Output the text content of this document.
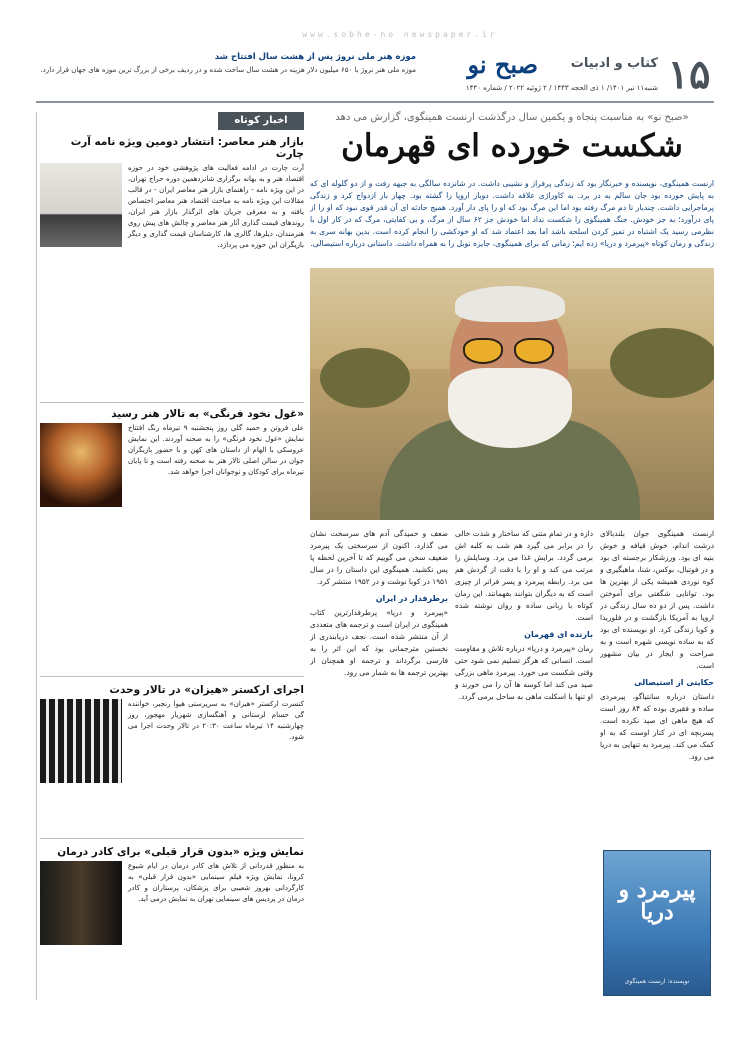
www.sobhe-no newspaper.ir
۱۵
کتاب و ادبیات
صبح نو
شنبه۱۱ تیر ۱۴۰۱/ ۱ ذی الحجه ۱۴۴۳ / ۲ ژوئیه ۲۰۲۲ / شماره ۱۴۴۰
موزه هنر ملی نروژ پس از هشت سال افتتاح شد
موزه ملی هنر نروژ با ۶۵۰ میلیون دلار هزینه در هشت سال ساخت شده و در ردیف برخی از بزرگ ترین موزه های جهان قرار دارد.
«صبح نو» به مناسبت پنجاه و یکمین سال درگذشت ارنست همینگوی، گزارش می دهد
شکست خورده ای قهرمان
ارنست همینگوی، نویسنده و خبرنگار بود که زندگی پرفراز و نشیبی داشت. در شانزده سالگی به جبهه رفت و از دو گلوله ای که به پایش خورده بود جان سالم به در برد. به کاوراژی علاقه داشت. دوبار اروپا را گشته بود. چهار بار ازدواج کرد و زندگی پرماجرایی داشت. چندبار تا دم مرگ رفته بود اما این مرگ بود که او را پای دار آورد. همیج حادثه ای آن قدر قوی نبود که او را از پای درآورد؛ به جز خودش. جنگ همینگوی را شکست نداد اما خودش جز ۶۲ سال از مرگ، و بی کفایتی، مرگ که در کار اول با نظرمی رسید یک اشتباه در تمیز کردن اسلحه باشد اما بعد اعتماد شد که او خودکشی را انجام کرده است. بدین بهانه سری به زندگی و رمان کوتاه «پیرمرد و دریا» زده ایم؛ رمانی که برای همینگوی، جایزه نوبل را به همراه داشت. داستانی درباره استیصالی.
ارنست همینگوی جوان بلندبالای درشت اندام، خوش قیافه و خوش بنیه ای بود. ورزشکار برجسته ای بود و در فوتبال، بوکس، شنا، ماهیگیری و کوه نوردی همیشه یکی از بهترین ها بود. توانایی شگفتی برای آموختن داشت. پس از دو ده سال زندگی در اروپا به آمریکا بازگشت و در فلوریدا و کوبا زندگی کرد. او نویسنده ای بود که به ساده نویسی شهره است و به صراحت و ایجاز در بیان مشهور است.
حکایتی از استیصالی
داستان درباره سانتیاگو، پیرمردی ساده و فقیری بوده که ۸۴ روز است که هیچ ماهی ای صید نکرده است. پسربچه ای در کنار اوست که به او کمک می کند. پیرمرد به تنهایی به دریا می رود.
دازه و در تمام متنی که ساختار و شدت خالی را در برابر می گیرد هم شب به کلبه اش برمی گردد. برایش غذا می برد. وسایلش را مرتب می کند و او را با دقت از گردش هم می برد. رابطه پیرمرد و پسر فراتر از چیزی است که به دیگران بتوانند بفهمانند. این رمان کوتاه با زبانی ساده و روان نوشته شده است.
بازنده ای قهرمان
رمان «پیرمرد و دریا» درباره تلاش و مقاومت است. انسانی که هرگز تسلیم نمی شود حتی وقتی شکست می خورد. پیرمرد ماهی بزرگی صید می کند اما کوسه ها آن را می خورند و او تنها با اسکلت ماهی به ساحل برمی گردد.
ضعف و خمیدگی آدم های سرسخت نشان می گذارد. اکنون از سرسختی یک پیرمرد ضعیف سخن می گوییم که تا آخرین لحظه پا پس نکشید. همینگوی این داستان را در سال ۱۹۵۱ در کوبا نوشت و در ۱۹۵۲ منتشر کرد.
برطرفدار در ایران
«پیرمرد و دریا» پرطرفدارترین کتاب همینگوی در ایران است و ترجمه های متعددی از آن منتشر شده است. نجف دریابندری از نخستین مترجمانی بود که این اثر را به فارسی برگرداند و ترجمه او همچنان از بهترین ترجمه ها به شمار می رود.
پیرمرد و دریا
نویسنده: ارنست همینگوی
اخبار کوتاه
بازار هنر معاصر: انتشار دومین ویژه نامه آرت چارت
آرت چارت در ادامه فعالیت های پژوهشی خود در حوزه اقتصاد هنر و به بهانه برگزاری شانزدهمین دوره حراج تهران، در این ویژه نامه - راهنمای بازار هنر معاصر ایران - در قالب مقالات این ویژه نامه به مباحث اقتصاد هنر معاصر اختصاص یافته و به معرفی جریان های اثرگذار بازار هنر ایران، روندهای قیمت گذاری آثار هنر معاصر و چالش های پیش روی هنرمندان، دیلرها، گالری ها، کارشناسان قیمت گذاری و دیگر بازیگران این حوزه می پردازد.
«غول نخود فرنگی» به تالار هنر رسید
علی فروتن و حمید گلی روز پنجشنبه ۹ تیرماه رنگ افتتاح نمایش «غول نخود فرنگی» را به صحنه آوردند. این نمایش عروسکی با الهام از داستان های کهن و با حضور بازیگران جوان در سالن اصلی تالار هنر به صحنه رفته است و تا پایان تیرماه برای کودکان و نوجوانان اجرا خواهد شد.
اجرای ارکستر «هیزان» در تالار وحدت
کنسرت ارکستر «هیزان» به سرپرستی هیوا رنجبر، خواننده گی حسام لرستانی و آهنگسازی شهریار مهجور، روز چهارشنبه ۱۴ تیرماه ساعت ۲۰:۳۰ در تالار وحدت اجرا می شود.
نمایش ویژه «بدون قرار قبلی» برای کادر درمان
به منظور قدردانی از تلاش های کادر درمان در ایام شیوع کرونا، نمایش ویژه فیلم سینمایی «بدون قرار قبلی» به کارگردانی بهروز شعیبی برای پزشکان، پرستاران و کادر درمان در پردیس های سینمایی تهران به نمایش درمی آید.
